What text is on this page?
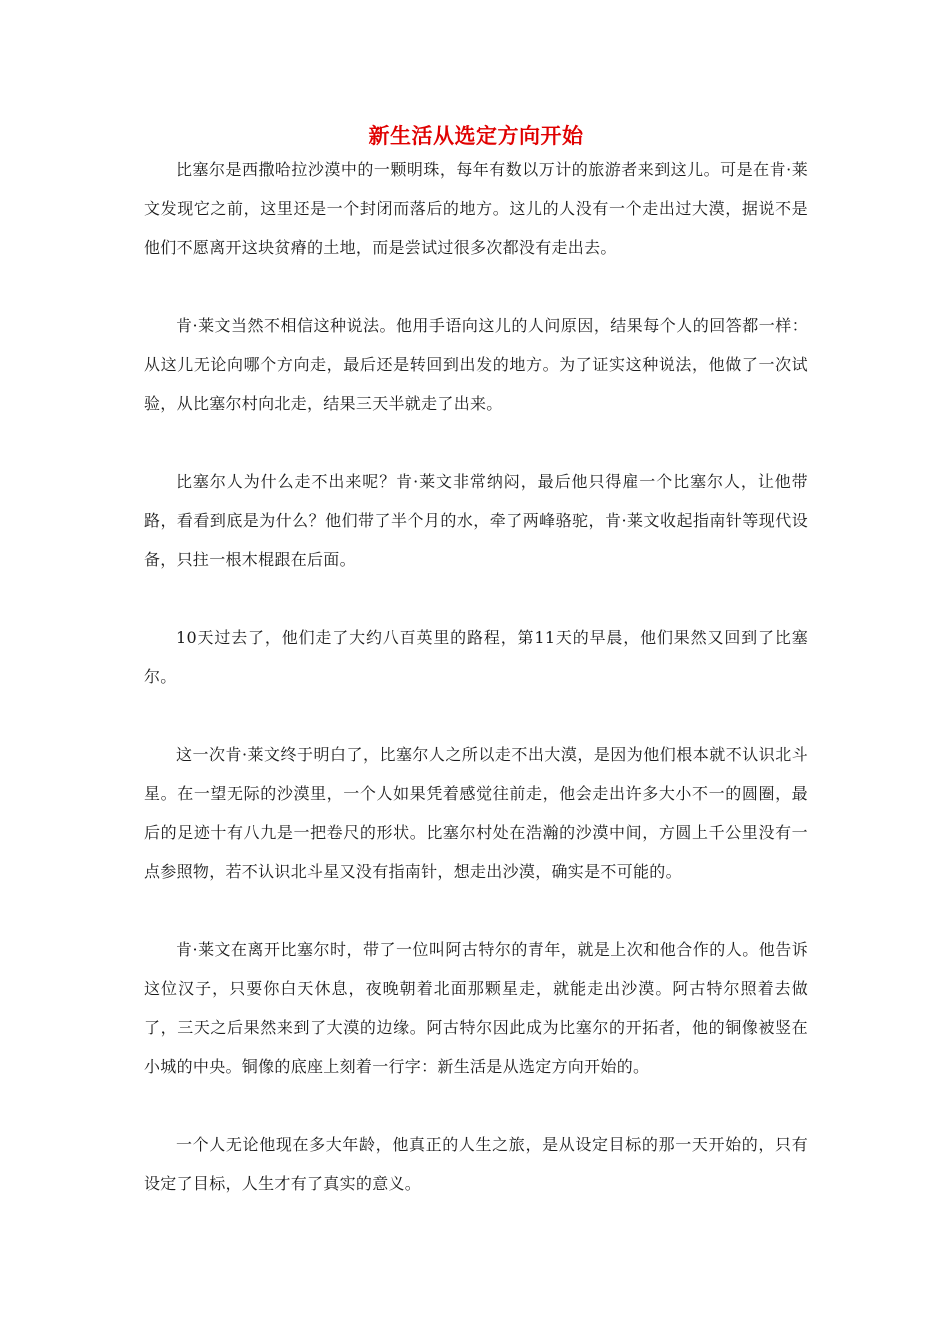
新生活从选定方向开始

比塞尔是西撒哈拉沙漠中的一颗明珠，每年有数以万计的旅游者来到这儿。可是在肯·莱文发现它之前，这里还是一个封闭而落后的地方。这儿的人没有一个走出过大漠，据说不是他们不愿离开这块贫瘠的土地，而是尝试过很多次都没有走出去。

肯·莱文当然不相信这种说法。他用手语向这儿的人问原因，结果每个人的回答都一样：从这儿无论向哪个方向走，最后还是转回到出发的地方。为了证实这种说法，他做了一次试验，从比塞尔村向北走，结果三天半就走了出来。

比塞尔人为什么走不出来呢？肯·莱文非常纳闷，最后他只得雇一个比塞尔人，让他带路，看看到底是为什么？他们带了半个月的水，牵了两峰骆驼，肯·莱文收起指南针等现代设备，只拄一根木棍跟在后面。

10天过去了，他们走了大约八百英里的路程，第11天的早晨，他们果然又回到了比塞尔。

这一次肯·莱文终于明白了，比塞尔人之所以走不出大漠，是因为他们根本就不认识北斗星。在一望无际的沙漠里，一个人如果凭着感觉往前走，他会走出许多大小不一的圆圈，最后的足迹十有八九是一把卷尺的形状。比塞尔村处在浩瀚的沙漠中间，方圆上千公里没有一点参照物，若不认识北斗星又没有指南针，想走出沙漠，确实是不可能的。

肯·莱文在离开比塞尔时，带了一位叫阿古特尔的青年，就是上次和他合作的人。他告诉这位汉子，只要你白天休息，夜晚朝着北面那颗星走，就能走出沙漠。阿古特尔照着去做了，三天之后果然来到了大漠的边缘。阿古特尔因此成为比塞尔的开拓者，他的铜像被竖在小城的中央。铜像的底座上刻着一行字：新生活是从选定方向开始的。

一个人无论他现在多大年龄，他真正的人生之旅，是从设定目标的那一天开始的，只有设定了目标，人生才有了真实的意义。
